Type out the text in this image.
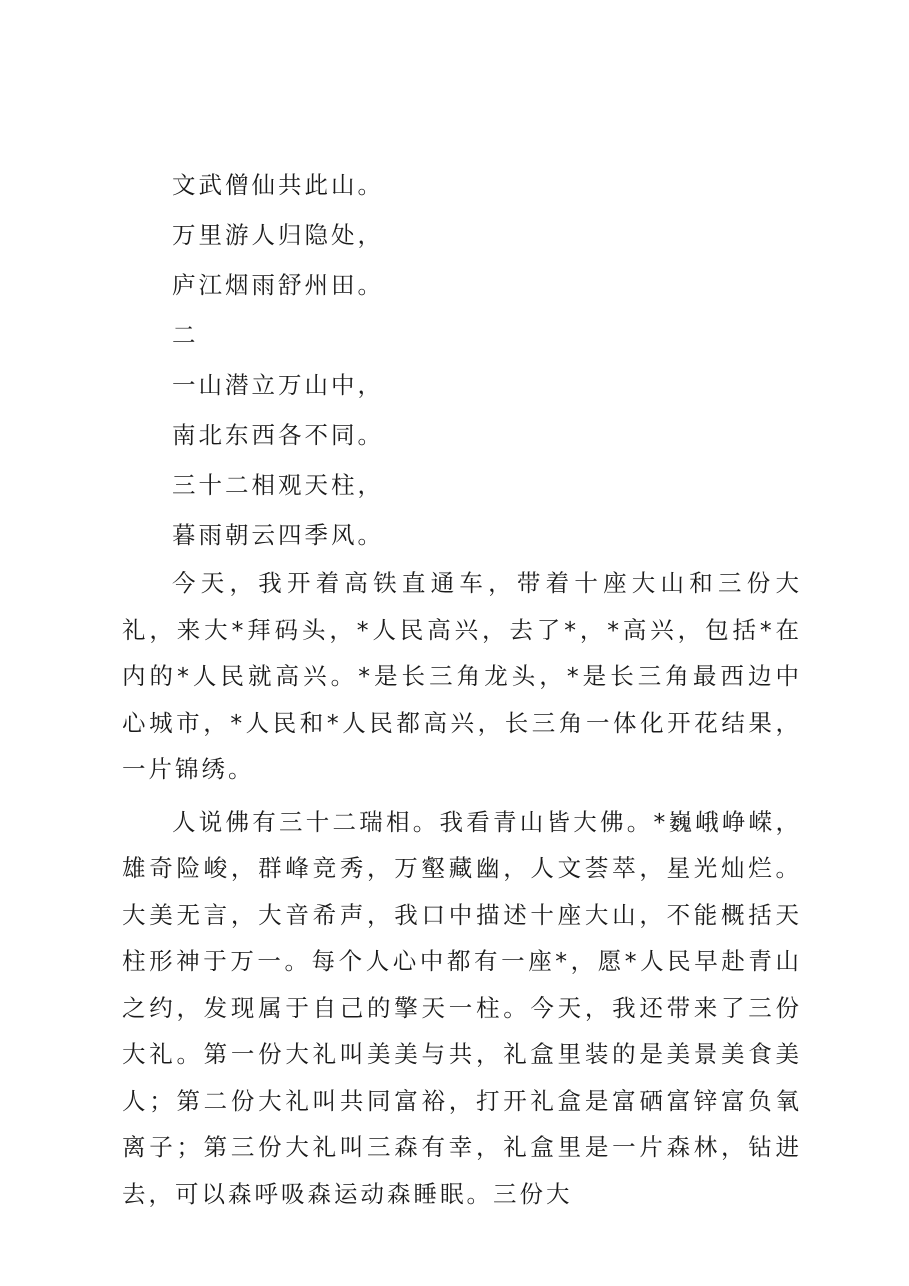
文武僧仙共此山。

万里游人归隐处，

庐江烟雨舒州田。

二

一山潜立万山中，

南北东西各不同。

三十二相观天柱，

暮雨朝云四季风。

今天，我开着高铁直通车，带着十座大山和三份大礼，来大*拜码头，*人民高兴，去了*，*高兴，包括*在内的*人民就高兴。*是长三角龙头，*是长三角最西边中心城市，*人民和*人民都高兴，长三角一体化开花结果，一片锦绣。

人说佛有三十二瑞相。我看青山皆大佛。*巍峨峥嵘，雄奇险峻，群峰竞秀，万壑藏幽，人文荟萃，星光灿烂。大美无言，大音希声，我口中描述十座大山，不能概括天柱形神于万一。每个人心中都有一座*，愿*人民早赴青山之约，发现属于自己的擎天一柱。今天，我还带来了三份大礼。第一份大礼叫美美与共，礼盒里装的是美景美食美人；第二份大礼叫共同富裕，打开礼盒是富硒富锌富负氧离子；第三份大礼叫三森有幸，礼盒里是一片森林，钻进去，可以森呼吸森运动森睡眠。三份大
